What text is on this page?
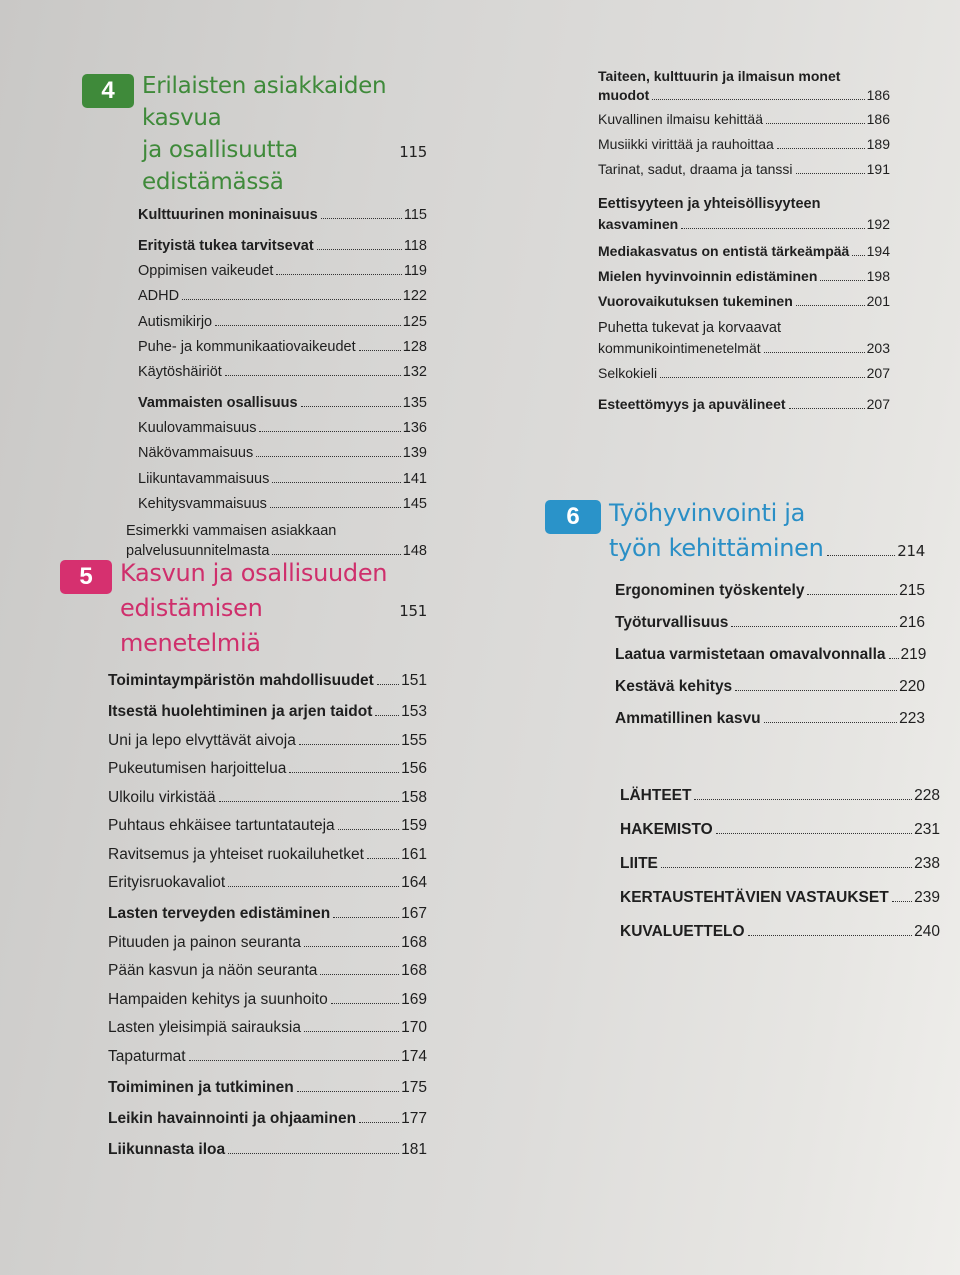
4	Erilaisten asiakkaiden kasvua
ja osallisuutta edistämässä
115
Kulttuurinen moninaisuus	115
Erityistä tukea tarvitsevat	118
Oppimisen vaikeudet	119
ADHD	122
Autismikirjo	125
Puhe- ja kommunikaatiovaikeudet	128
Käytöshäiriöt	132
Vammaisten osallisuus	135
Kuulovammaisuus	136
Näkövammaisuus	139
Liikuntavammaisuus	141
Kehitysvammaisuus	145
Esimerkki vammaisen asiakkaan
palvelusuunnitelmasta	148
5	Kasvun ja osallisuuden
edistämisen menetelmiä
151
Toimintaympäristön mahdollisuudet 151
Itsestä huolehtiminen ja arjen taidot 153
Uni ja lepo elvyttävät aivoja	155
Pukeutumisen harjoittelua	156
Ulkoilu virkistää	158
Puhtaus ehkäisee tartuntatauteja	159
Ravitsemus ja yhteiset ruokailuhetket 161
Erityisruokavaliot	164
Lasten terveyden edistäminen	167
Pituuden ja painon seuranta	168
Pään kasvun ja näön seuranta	168
Hampaiden kehitys ja suunhoito	169
Lasten yleisimpiä sairauksia	170
Tapaturmat	174
Toimiminen ja tutkiminen	175
Leikin havainnointi ja ohjaaminen	177
Liikunnasta iloa	181
Taiteen, kulttuurin ja ilmaisun monet
muodot	186
Kuvallinen ilmaisu kehittää	186
Musiikki virittää ja rauhoittaa	189
Tarinat, sadut, draama ja tanssi	191
Eettisyyteen ja yhteisöllisyyteen
kasvaminen	192
Mediakasvatus on entistä tärkeämpää 194
Mielen hyvinvoinnin edistäminen	198
Vuorovaikutuksen tukeminen	201
Puhetta tukevat ja korvaavat
kommunikointimenetelmät	203
Selkokieli	207
Esteettömyys ja apuvälineet	207
6	Työhyvinvointi ja
työn kehittäminen	214
Ergonominen työskentely	215
Työturvallisuus	216
Laatua varmistetaan omavalvonnalla 219
Kestävä kehitys	220
Ammatillinen kasvu	223
LÄHTEET	228
HAKEMISTO	231
LIITE	238
KERTAUSTEHTÄVIEN VASTAUKSET 239
KUVALUETTELO	240
